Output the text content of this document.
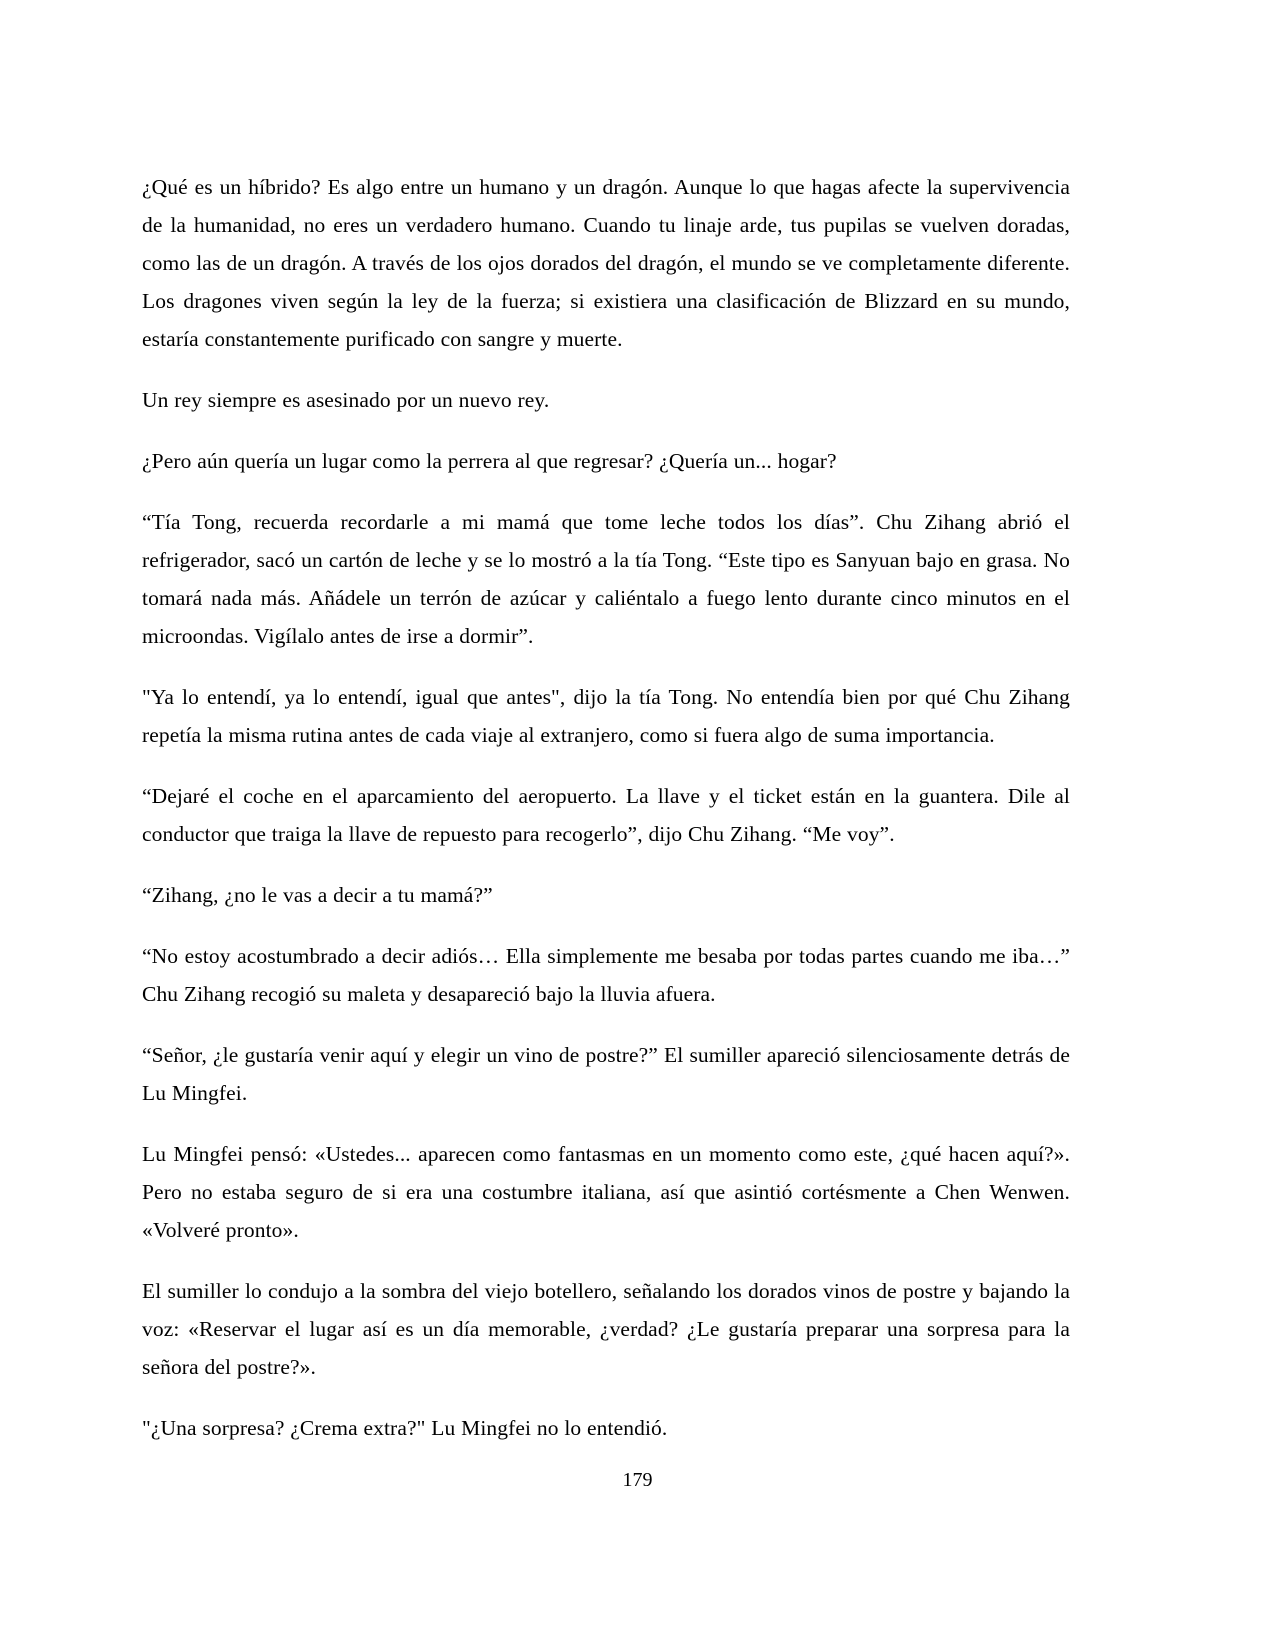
¿Qué es un híbrido? Es algo entre un humano y un dragón. Aunque lo que hagas afecte la supervivencia de la humanidad, no eres un verdadero humano. Cuando tu linaje arde, tus pupilas se vuelven doradas, como las de un dragón. A través de los ojos dorados del dragón, el mundo se ve completamente diferente. Los dragones viven según la ley de la fuerza; si existiera una clasificación de Blizzard en su mundo, estaría constantemente purificado con sangre y muerte.

Un rey siempre es asesinado por un nuevo rey.

¿Pero aún quería un lugar como la perrera al que regresar? ¿Quería un... hogar?

“Tía Tong, recuerda recordarle a mi mamá que tome leche todos los días”. Chu Zihang abrió el refrigerador, sacó un cartón de leche y se lo mostró a la tía Tong. “Este tipo es Sanyuan bajo en grasa. No tomará nada más. Añádele un terrón de azúcar y caliéntalo a fuego lento durante cinco minutos en el microondas. Vigílalo antes de irse a dormir”.

"Ya lo entendí, ya lo entendí, igual que antes", dijo la tía Tong. No entendía bien por qué Chu Zihang repetía la misma rutina antes de cada viaje al extranjero, como si fuera algo de suma importancia.

“Dejaré el coche en el aparcamiento del aeropuerto. La llave y el ticket están en la guantera. Dile al conductor que traiga la llave de repuesto para recogerlo”, dijo Chu Zihang. “Me voy”.

“Zihang, ¿no le vas a decir a tu mamá?”

“No estoy acostumbrado a decir adiós… Ella simplemente me besaba por todas partes cuando me iba…” Chu Zihang recogió su maleta y desapareció bajo la lluvia afuera.

“Señor, ¿le gustaría venir aquí y elegir un vino de postre?” El sumiller apareció silenciosamente detrás de Lu Mingfei.

Lu Mingfei pensó: «Ustedes... aparecen como fantasmas en un momento como este, ¿qué hacen aquí?». Pero no estaba seguro de si era una costumbre italiana, así que asintió cortésmente a Chen Wenwen. «Volveré pronto».

El sumiller lo condujo a la sombra del viejo botellero, señalando los dorados vinos de postre y bajando la voz: «Reservar el lugar así es un día memorable, ¿verdad? ¿Le gustaría preparar una sorpresa para la señora del postre?».

"¿Una sorpresa? ¿Crema extra?" Lu Mingfei no lo entendió.

179
